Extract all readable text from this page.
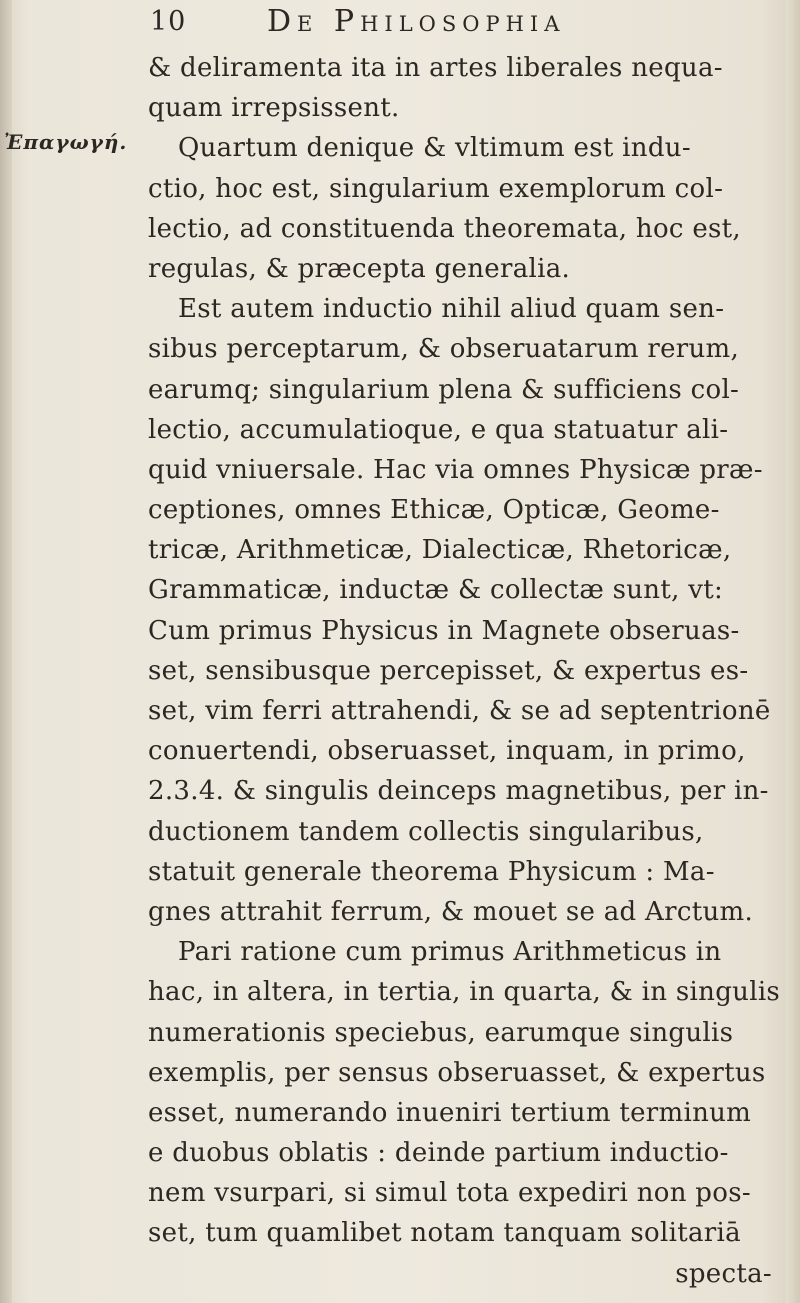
10	De Philosophia
Ἐπαγωγή.
& deliramenta ita in artes liberales nequa-
quam irrepsissent.
Quartum denique & vltimum est indu-
ctio, hoc est, singularium exemplorum col-
lectio, ad constituenda theoremata, hoc est,
regulas, & præcepta generalia.
Est autem inductio nihil aliud quam sen-
sibus perceptarum, & obseruatarum rerum,
earumq; singularium plena & sufficiens col-
lectio, accumulatioque, e qua statuatur ali-
quid vniuersale. Hac via omnes Physicæ præ-
ceptiones, omnes Ethicæ, Opticæ, Geome-
tricæ, Arithmeticæ, Dialecticæ, Rhetoricæ,
Grammaticæ, inductæ & collectæ sunt, vt:
Cum primus Physicus in Magnete obseruas-
set, sensibusque percepisset, & expertus es-
set, vim ferri attrahendi, & se ad septentrionē
conuertendi, obseruasset, inquam, in primo,
2.3.4. & singulis deinceps magnetibus, per in-
ductionem tandem collectis singularibus,
statuit generale theorema Physicum : Ma-
gnes attrahit ferrum, & mouet se ad Arctum.
Pari ratione cum primus Arithmeticus in
hac, in altera, in tertia, in quarta, & in singulis
numerationis speciebus, earumque singulis
exemplis, per sensus obseruasset, & expertus
esset, numerando inueniri tertium terminum
e duobus oblatis : deinde partium inductio-
nem vsurpari, si simul tota expediri non pos-
set, tum quamlibet notam tanquam solitariā
specta-
